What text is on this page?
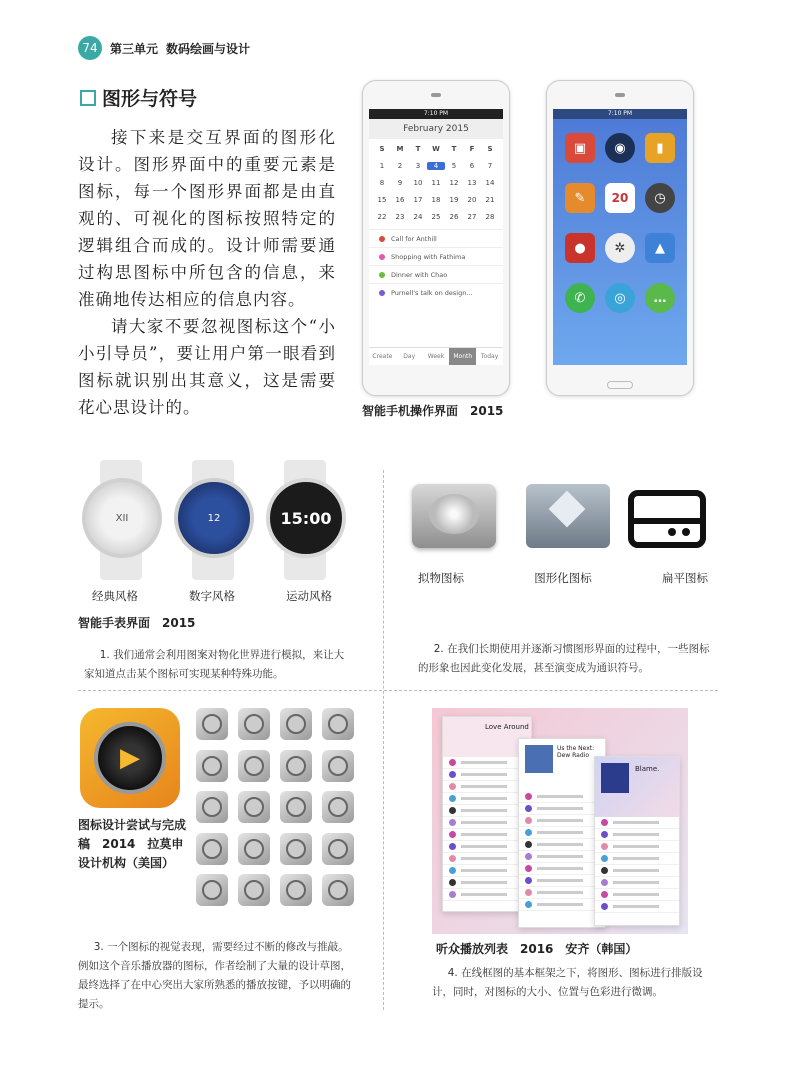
74	第三单元 数码绘画与设计
图形与符号

接下来是交互界面的图形化设计。图形界面中的重要元素是图标，每一个图形界面都是由直观的、可视化的图标按照特定的逻辑组合而成的。设计师需要通过构思图标中所包含的信息，来准确地传达相应的信息内容。

请大家不要忽视图标这个“小小引导员”，要让用户第一眼看到图标就识别出其意义，这是需要花心思设计的。

7:10 PM
February 2015
S	M	T	W	T	F	S
1	2	3	4	5	6	7
8	9	10	11	12	13	14
15	16	17	18	19	20	21
22	23	24	25	26	27	28
Call for Anthill
Shopping with Fathima
Dinner with Chao
Purnell's talk on design...
Create	Day	Week	Month	Today
7:10 PM
▣	◉	▮
✎	20	◷
●	✲	▲
✆	◎	…
智能手机操作界面　2015
XII	12	15:00
经典风格	数字风格	运动风格
智能手表界面　2015
1. 我们通常会利用图案对物化世界进行模拟，来让大家知道点击某个图标可实现某种特殊功能。
拟物图标	图形化图标	扁平图标
2. 在我们长期使用并逐渐习惯图形界面的过程中，一些图标的形象也因此变化发展，甚至演变成为通识符号。
▶
图标设计尝试与完成稿　2014　拉莫申设计机构（美国）
3. 一个图标的视觉表现，需要经过不断的修改与推敲。例如这个音乐播放器的图标，作者绘制了大量的设计草图，最终选择了在中心突出大家所熟悉的播放按键，予以明确的提示。
Love Around
Us the Next: Dew Radio
Blame.
听众播放列表　2016　安齐（韩国）
4. 在线框图的基本框架之下，将图形、图标进行排版设计，同时，对图标的大小、位置与色彩进行微调。
